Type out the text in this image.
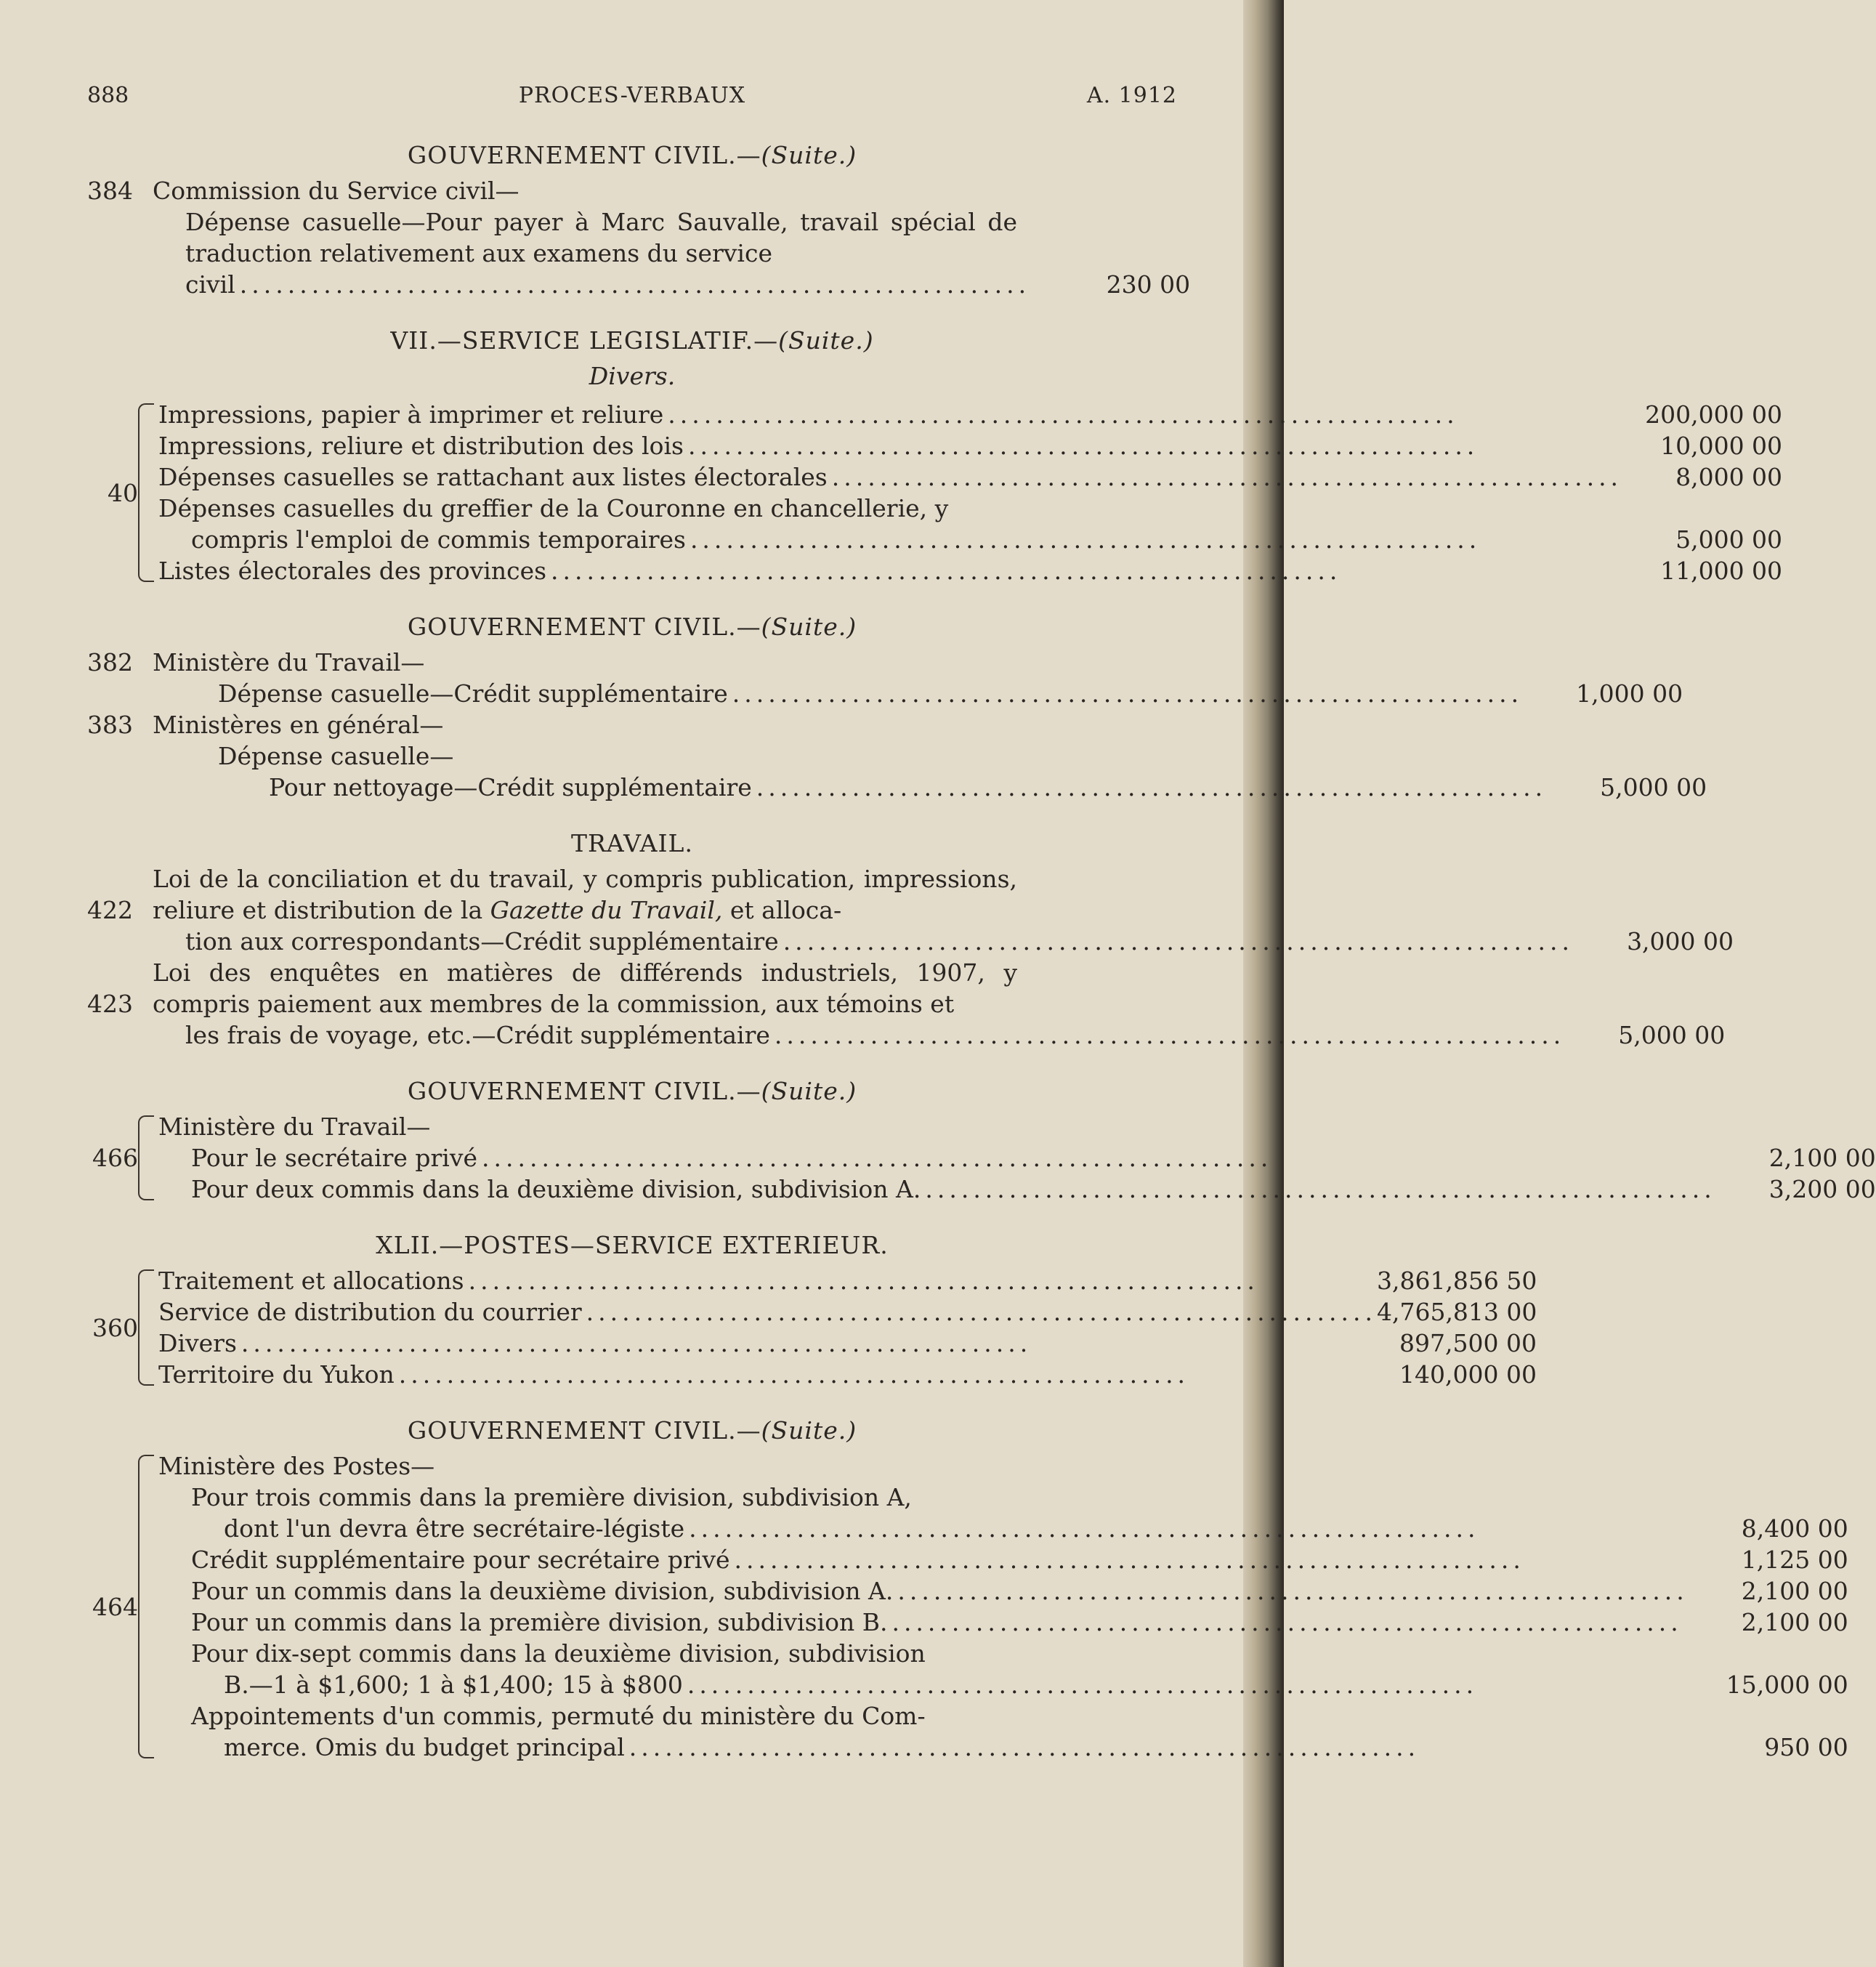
888	PROCES-VERBAUX	A. 1912
GOUVERNEMENT CIVIL.—(Suite.)
384 Commission du Service civil—
Dépense casuelle—Pour payer à Marc Sauvalle, travail spécial de traduction relativement aux examens du service
civil ..................................................................	230 00
VII.—SERVICE LEGISLATIF.—(Suite.)
Divers.
40
Impressions, papier à imprimer et reliure ..................................................................	200,000 00
Impressions, reliure et distribution des lois ..................................................................	10,000 00
Dépenses casuelles se rattachant aux listes électorales ..................................................................	8,000 00
Dépenses casuelles du greffier de la Couronne en chancellerie, y
compris l'emploi de commis temporaires ..................................................................	5,000 00
Listes électorales des provinces ..................................................................	11,000 00
GOUVERNEMENT CIVIL.—(Suite.)
382 Ministère du Travail—
Dépense casuelle—Crédit supplémentaire ..................................................................	1,000 00
383 Ministères en général—
Dépense casuelle—
Pour nettoyage—Crédit supplémentaire ..................................................................	5,000 00
TRAVAIL.
422
Loi de la conciliation et du travail, y compris publication, impressions, reliure et distribution de la Gazette du Travail, et alloca-
tion aux correspondants—Crédit supplémentaire ..................................................................	3,000 00
423
Loi des enquêtes en matières de différends industriels, 1907, y compris paiement aux membres de la commission, aux témoins et
les frais de voyage, etc.—Crédit supplémentaire ..................................................................	5,000 00
GOUVERNEMENT CIVIL.—(Suite.)
466
Ministère du Travail—
Pour le secrétaire privé ..................................................................	2,100 00
Pour deux commis dans la deuxième division, subdivision A. ..................................................................	3,200 00
XLII.—POSTES—SERVICE EXTERIEUR.
360
Traitement et allocations ..................................................................	3,861,856 50
Service de distribution du courrier .................................................................. 4,765,813 00
Divers ..................................................................	897,500 00
Territoire du Yukon ..................................................................	140,000 00
GOUVERNEMENT CIVIL.—(Suite.)
464
Ministère des Postes—
Pour trois commis dans la première division, subdivision A,
dont l'un devra être secrétaire-légiste ..................................................................	8,400 00
Crédit supplémentaire pour secrétaire privé ..................................................................	1,125 00
Pour un commis dans la deuxième division, subdivision A. ..................................................................	2,100 00
Pour un commis dans la première division, subdivision B. ..................................................................	2,100 00
Pour dix-sept commis dans la deuxième division, subdivision
B.—1 à $1,600; 1 à $1,400; 15 à $800 ..................................................................	15,000 00
Appointements d'un commis, permuté du ministère du Com-
merce. Omis du budget principal ..................................................................	950 00
